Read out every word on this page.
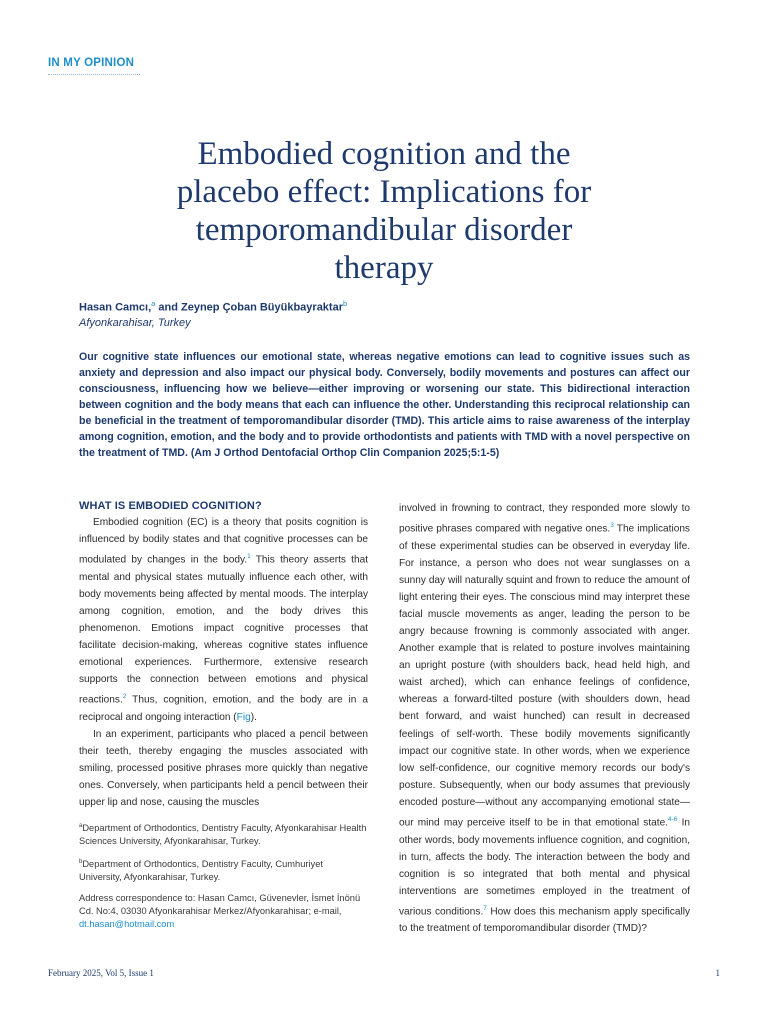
IN MY OPINION
Embodied cognition and the placebo effect: Implications for temporomandibular disorder therapy
Hasan Camcı,$^a$ and Zeynep Çoban Büyükbayraktar$^b$
Afyonkarahisar, Turkey

Our cognitive state influences our emotional state, whereas negative emotions can lead to cognitive issues such as anxiety and depression and also impact our physical body. Conversely, bodily movements and postures can affect our consciousness, influencing how we believe—either improving or worsening our state. This bidirectional interaction between cognition and the body means that each can influence the other. Understanding this reciprocal relationship can be beneficial in the treatment of temporomandibular disorder (TMD). This article aims to raise awareness of the interplay among cognition, emotion, and the body and to provide orthodontists and patients with TMD with a novel perspective on the treatment of TMD. (Am J Orthod Dentofacial Orthop Clin Companion 2025;5:1-5)

WHAT IS EMBODIED COGNITION?

Embodied cognition (EC) is a theory that posits cognition is influenced by bodily states and that cognitive processes can be modulated by changes in the body.$^1$ This theory asserts that mental and physical states mutually influence each other, with body movements being affected by mental moods. The interplay among cognition, emotion, and the body drives this phenomenon. Emotions impact cognitive processes that facilitate decision-making, whereas cognitive states influence emotional experiences. Furthermore, extensive research supports the connection between emotions and physical reactions.$^2$ Thus, cognition, emotion, and the body are in a reciprocal and ongoing interaction (Fig).

In an experiment, participants who placed a pencil between their teeth, thereby engaging the muscles associated with smiling, processed positive phrases more quickly than negative ones. Conversely, when participants held a pencil between their upper lip and nose, causing the muscles

involved in frowning to contract, they responded more slowly to positive phrases compared with negative ones.$^3$ The implications of these experimental studies can be observed in everyday life. For instance, a person who does not wear sunglasses on a sunny day will naturally squint and frown to reduce the amount of light entering their eyes. The conscious mind may interpret these facial muscle movements as anger, leading the person to be angry because frowning is commonly associated with anger. Another example that is related to posture involves maintaining an upright posture (with shoulders back, head held high, and waist arched), which can enhance feelings of confidence, whereas a forward-tilted posture (with shoulders down, head bent forward, and waist hunched) can result in decreased feelings of self-worth. These bodily movements significantly impact our cognitive state. In other words, when we experience low self-confidence, our cognitive memory records our body's posture. Subsequently, when our body assumes that previously encoded posture—without any accompanying emotional state—our mind may perceive itself to be in that emotional state.$^{4-6}$ In other words, body movements influence cognition, and cognition, in turn, affects the body. The interaction between the body and cognition is so integrated that both mental and physical interventions are sometimes employed in the treatment of various conditions.$^7$ How does this mechanism apply specifically to the treatment of temporomandibular disorder (TMD)?

$^a$Department of Orthodontics, Dentistry Faculty, Afyonkarahisar Health Sciences University, Afyonkarahisar, Turkey.

$^b$Department of Orthodontics, Dentistry Faculty, Cumhuriyet University, Afyonkarahisar, Turkey.

Address correspondence to: Hasan Camcı, Güvenevler, İsmet İnönü Cd. No:4, 03030 Afyonkarahisar Merkez/Afyonkarahisar; e-mail, dt.hasan@hotmail.com

February 2025, Vol 5, Issue 1	1
